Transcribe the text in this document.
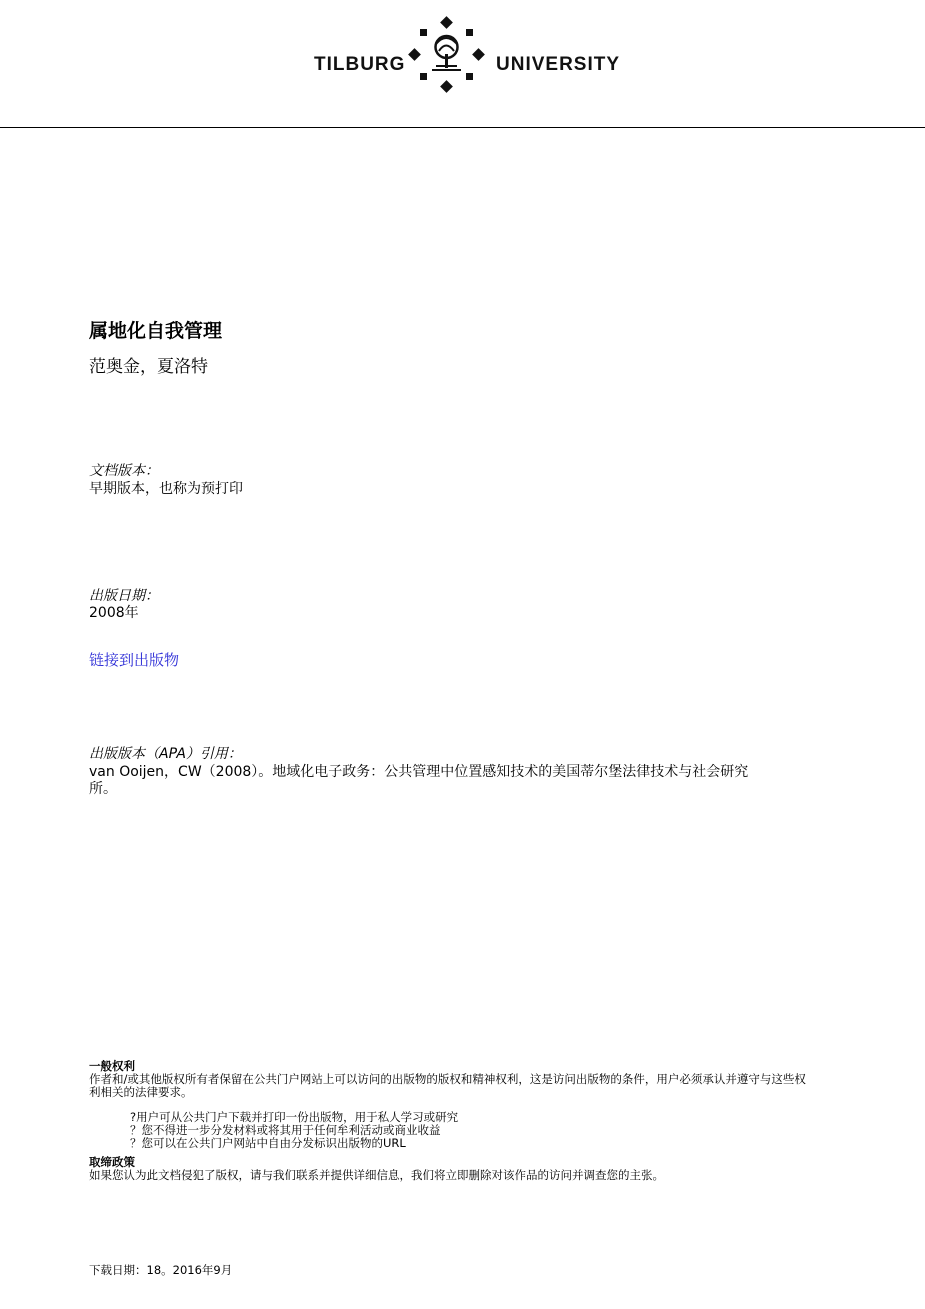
TILBURG	UNIVERSITY
属地化自我管理
范奥金，夏洛特
文档版本：
早期版本，也称为预打印
出版日期：
2008年
链接到出版物
出版版本（APA）引用：
van Ooijen，CW（2008）。地域化电子政务：公共管理中位置感知技术的美国蒂尔堡法律技术与社会研究
所。
一般权利
作者和/或其他版权所有者保留在公共门户网站上可以访问的出版物的版权和精神权利，这是访问出版物的条件，用户必须承认并遵守与这些权
利相关的法律要求。
?用户可从公共门户下载并打印一份出版物，用于私人学习或研究
？您不得进一步分发材料或将其用于任何牟利活动或商业收益
？您可以在公共门户网站中自由分发标识出版物的URL
取缔政策
如果您认为此文档侵犯了版权，请与我们联系并提供详细信息，我们将立即删除对该作品的访问并调查您的主张。
下载日期：18。2016年9月
